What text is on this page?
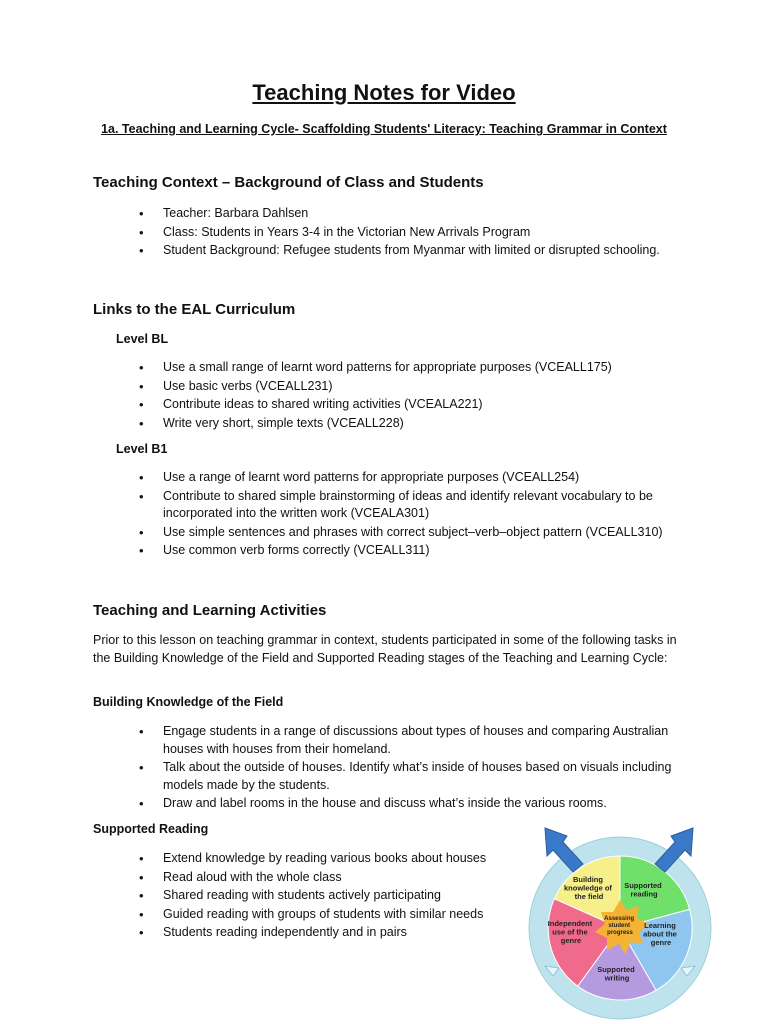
Teaching Notes for Video
1a. Teaching and Learning Cycle- Scaffolding Students' Literacy: Teaching Grammar in Context
Teaching Context – Background of Class and Students
• Teacher: Barbara Dahlsen
• Class: Students in Years 3-4 in the Victorian New Arrivals Program
• Student Background: Refugee students from Myanmar with limited or disrupted schooling.
Links to the EAL Curriculum
Level BL
• Use a small range of learnt word patterns for appropriate purposes (VCEALL175)
• Use basic verbs (VCEALL231)
• Contribute ideas to shared writing activities (VCEALA221)
• Write very short, simple texts (VCEALL228)
Level B1
• Use a range of learnt word patterns for appropriate purposes (VCEALL254)
• Contribute to shared simple brainstorming of ideas and identify relevant vocabulary to be incorporated into the written work (VCEALA301)
• Use simple sentences and phrases with correct subject–verb–object pattern (VCEALL310)
• Use common verb forms correctly (VCEALL311)
Teaching and Learning Activities

Prior to this lesson on teaching grammar in context, students participated in some of the following tasks in the Building Knowledge of the Field and Supported Reading stages of the Teaching and Learning Cycle:

Building Knowledge of the Field
• Engage students in a range of discussions about types of houses and comparing Australian houses with houses from their homeland.
• Talk about the outside of houses. Identify what’s inside of houses based on visuals including models made by the students.
• Draw and label rooms in the house and discuss what’s inside the various rooms.
Supported Reading
• Extend knowledge by reading various books about houses
• Read aloud with the whole class
• Shared reading with students actively participating
• Guided reading with groups of students with similar needs
• Students reading independently and in pairs
Building knowledge of the field
Supported reading
Learning about the genre
Supported writing
Independent use of the genre
Assessing student progress
